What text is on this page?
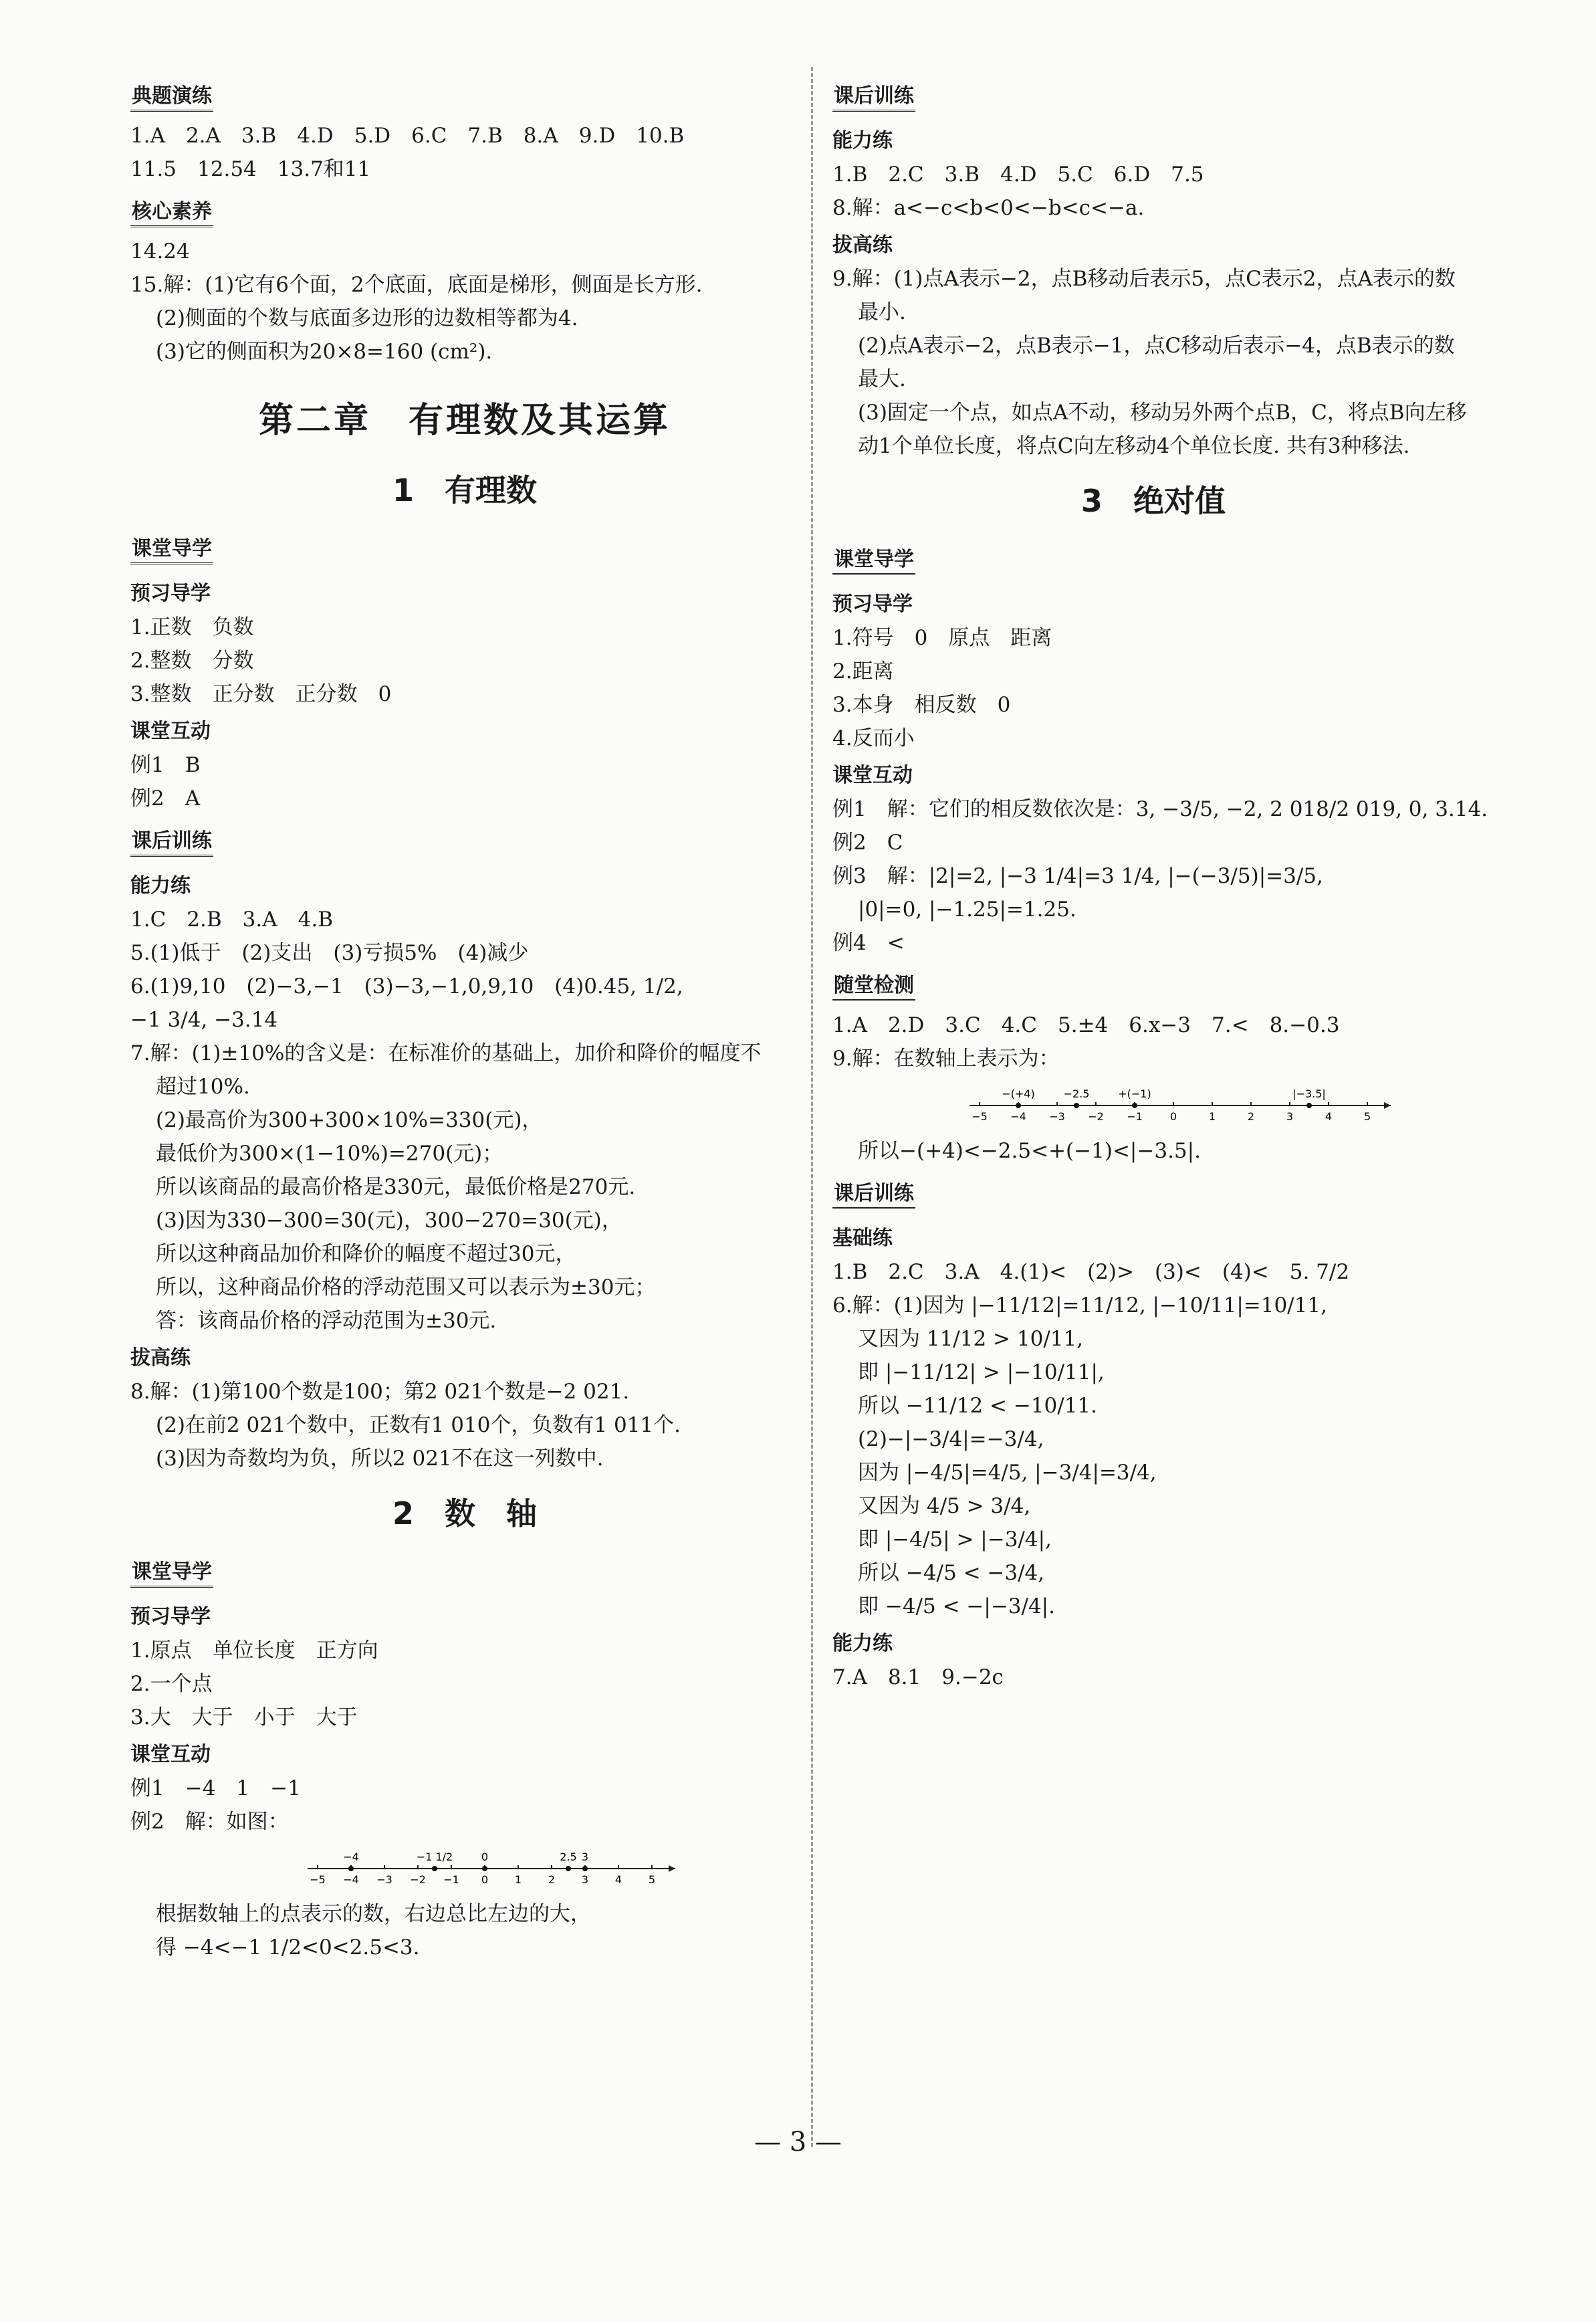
典题演练
1.A　2.A　3.B　4.D　5.D　6.C　7.B　8.A　9.D　10.B
11.5　12.54　13.7和11
核心素养
14.24
15.解：(1)它有6个面，2个底面，底面是梯形，侧面是长方形.
(2)侧面的个数与底面多边形的边数相等都为4.
(3)它的侧面积为20×8=160 (cm²).
第二章　有理数及其运算
1　有理数
课堂导学
预习导学
1.正数　负数
2.整数　分数
3.整数　正分数　正分数　0
课堂互动
例1　B
例2　A
课后训练
能力练
1.C　2.B　3.A　4.B
5.(1)低于　(2)支出　(3)亏损5%　(4)减少
6.(1)9,10　(2)−3,−1　(3)−3,−1,0,9,10　(4)0.45, 1/2,
−1 3/4, −3.14
7.解：(1)±10%的含义是：在标准价的基础上，加价和降价的幅度不
超过10%.
(2)最高价为300+300×10%=330(元)，
最低价为300×(1−10%)=270(元)；
所以该商品的最高价格是330元，最低价格是270元.
(3)因为330−300=30(元)，300−270=30(元)，
所以这种商品加价和降价的幅度不超过30元，
所以，这种商品价格的浮动范围又可以表示为±30元；
答：该商品价格的浮动范围为±30元.
拔高练
8.解：(1)第100个数是100；第2 021个数是−2 021.
(2)在前2 021个数中，正数有1 010个，负数有1 011个.
(3)因为奇数均为负，所以2 021不在这一列数中.
2　数　轴
课堂导学
预习导学
1.原点　单位长度　正方向
2.一个点
3.大　大于　小于　大于
课堂互动
例1　−4　1　−1
例2　解：如图：
−5 −4 −3 −2 −1 0 1 2 3 4 5
−4	−1 1/2	0	2.5 3
根据数轴上的点表示的数，右边总比左边的大，
得 −4<−1 1/2<0<2.5<3.
课后训练
能力练
1.B　2.C　3.B　4.D　5.C　6.D　7.5
8.解：a<−c<b<0<−b<c<−a.
拔高练
9.解：(1)点A表示−2，点B移动后表示5，点C表示2，点A表示的数
最小.
(2)点A表示−2，点B表示−1，点C移动后表示−4，点B表示的数
最大.
(3)固定一个点，如点A不动，移动另外两个点B，C，将点B向左移
动1个单位长度，将点C向左移动4个单位长度. 共有3种移法.
3　绝对值
课堂导学
预习导学
1.符号　0　原点　距离
2.距离
3.本身　相反数　0
4.反而小
课堂互动
例1　解：它们的相反数依次是：3, −3/5, −2, 2 018/2 019, 0, 3.14.
例2　C
例3　解：|2|=2, |−3 1/4|=3 1/4, |−(−3/5)|=3/5,
|0|=0, |−1.25|=1.25.
例4　<
随堂检测
1.A　2.D　3.C　4.C　5.±4　6.x−3　7.<　8.−0.3
9.解：在数轴上表示为：
−5 −4 −3 −2 −1	0	1	2	3	4	5
−(+4)	−2.5	+(−1)	|−3.5|
所以−(+4)<−2.5<+(−1)<|−3.5|.
课后训练
基础练
1.B　2.C　3.A　4.(1)<　(2)>　(3)<　(4)<　5. 7/2
6.解：(1)因为 |−11/12|=11/12, |−10/11|=10/11,
又因为 11/12 > 10/11,
即 |−11/12| > |−10/11|,
所以 −11/12 < −10/11.
(2)−|−3/4|=−3/4,
因为 |−4/5|=4/5, |−3/4|=3/4,
又因为 4/5 > 3/4,
即 |−4/5| > |−3/4|,
所以 −4/5 < −3/4,
即 −4/5 < −|−3/4|.
能力练
7.A　8.1　9.−2c
— 3 —
